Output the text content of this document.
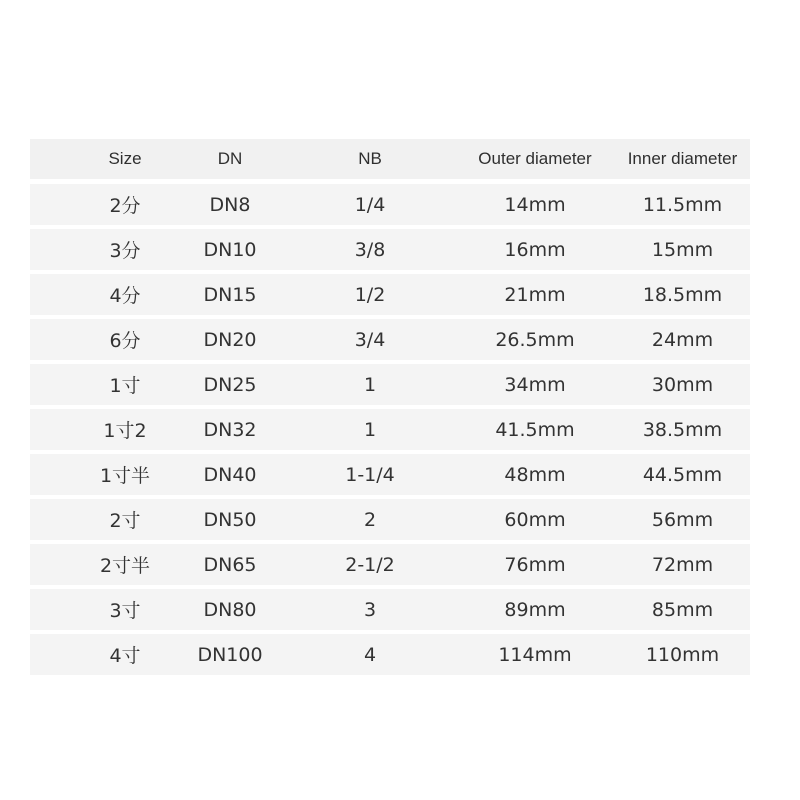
Size	DN	NB	Outer diameter	Inner diameter
2分	DN8	1/4	14mm	11.5mm
3分	DN10	3/8	16mm	15mm
4分	DN15	1/2	21mm	18.5mm
6分	DN20	3/4	26.5mm	24mm
1寸	DN25	1	34mm	30mm
1寸2	DN32	1	41.5mm	38.5mm
1寸半	DN40	1-1/4	48mm	44.5mm
2寸	DN50	2	60mm	56mm
2寸半	DN65	2-1/2	76mm	72mm
3寸	DN80	3	89mm	85mm
4寸	DN100	4	114mm	110mm
